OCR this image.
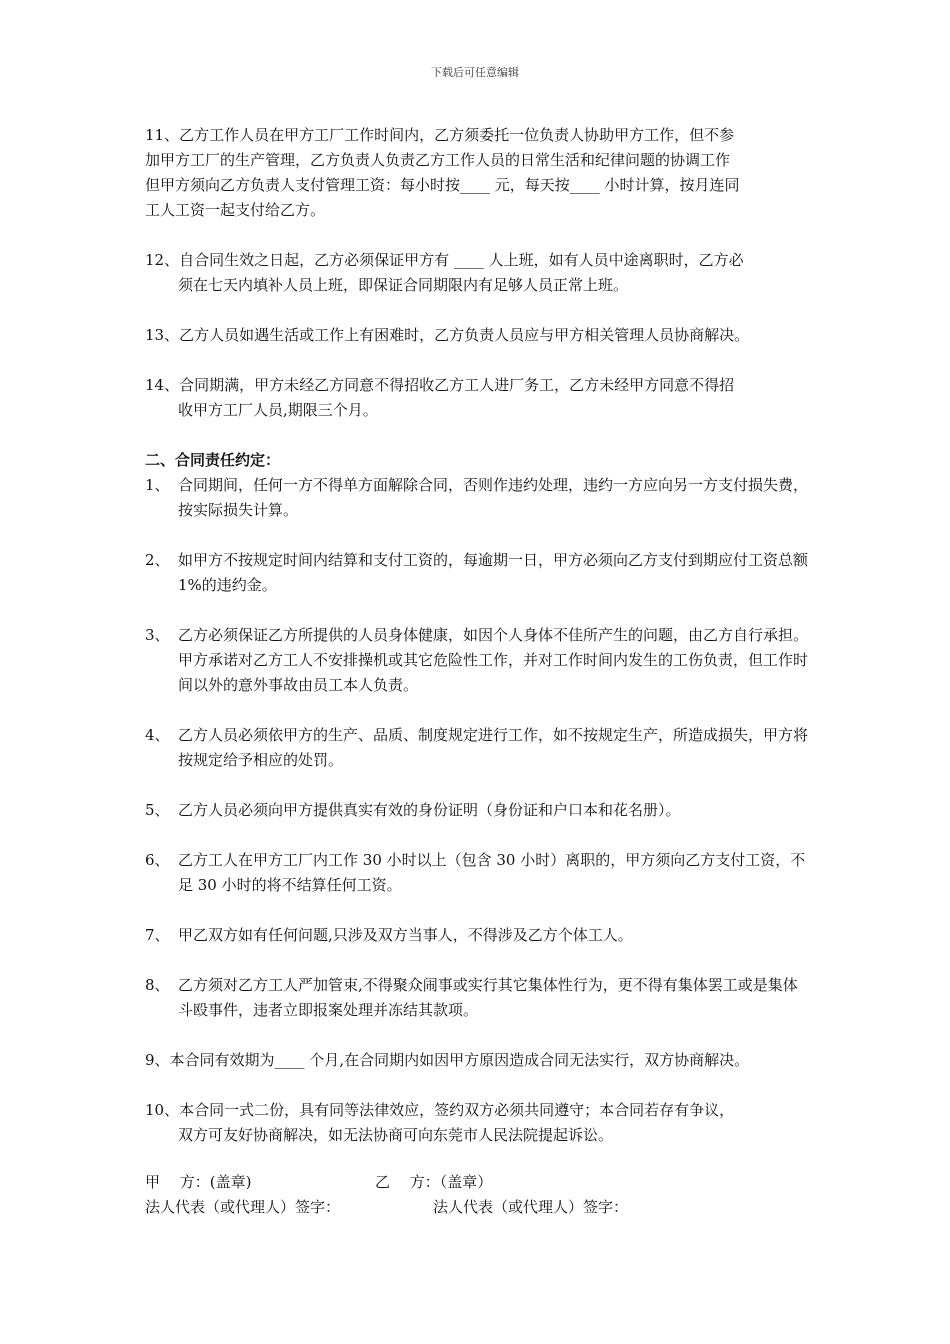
下载后可任意编辑
11、乙方工作人员在甲方工厂工作时间内，乙方须委托一位负责人协助甲方工作，但不参
加甲方工厂的生产管理，乙方负责人负责乙方工作人员的日常生活和纪律问题的协调工作
但甲方须向乙方负责人支付管理工资：每小时按____ 元，每天按____ 小时计算，按月连同
工人工资一起支付给乙方。
12、自合同生效之日起，乙方必须保证甲方有 ____ 人上班，如有人员中途离职时，乙方必
须在七天内填补人员上班，即保证合同期限内有足够人员正常上班。
13、乙方人员如遇生活或工作上有困难时，乙方负责人员应与甲方相关管理人员协商解决。
14、合同期满，甲方未经乙方同意不得招收乙方工人进厂务工，乙方未经甲方同意不得招
收甲方工厂人员,期限三个月。
二、合同责任约定：
1、 合同期间，任何一方不得单方面解除合同，否则作违约处理，违约一方应向另一方支付损失费，按实际损失计算。
2、 如甲方不按规定时间内结算和支付工资的，每逾期一日，甲方必须向乙方支付到期应付工资总额 1%的违约金。
3、 乙方必须保证乙方所提供的人员身体健康，如因个人身体不佳所产生的问题，由乙方自行承担。甲方承诺对乙方工人不安排操机或其它危险性工作，并对工作时间内发生的工伤负责，但工作时间以外的意外事故由员工本人负责。
4、 乙方人员必须依甲方的生产、品质、制度规定进行工作，如不按规定生产，所造成损失，甲方将按规定给予相应的处罚。
5、 乙方人员必须向甲方提供真实有效的身份证明（身份证和户口本和花名册）。
6、 乙方工人在甲方工厂内工作 30 小时以上（包含 30 小时）离职的，甲方须向乙方支付工资，不足 30 小时的将不结算任何工资。
7、 甲乙双方如有任何问题,只涉及双方当事人，不得涉及乙方个体工人。
8、 乙方须对乙方工人严加管束,不得聚众闹事或实行其它集体性行为，更不得有集体罢工或是集体斗殴事件，违者立即报案处理并冻结其款项。
9、本合同有效期为____ 个月,在合同期内如因甲方原因造成合同无法实行，双方协商解决。
10、本合同一式二份，具有同等法律效应，签约双方必须共同遵守；本合同若存有争议，
双方可友好协商解决，如无法协商可向东莞市人民法院提起诉讼。
甲　 方：(盖章)	乙　 方：（盖章）
法人代表（或代理人）签字：	法人代表（或代理人）签字：
